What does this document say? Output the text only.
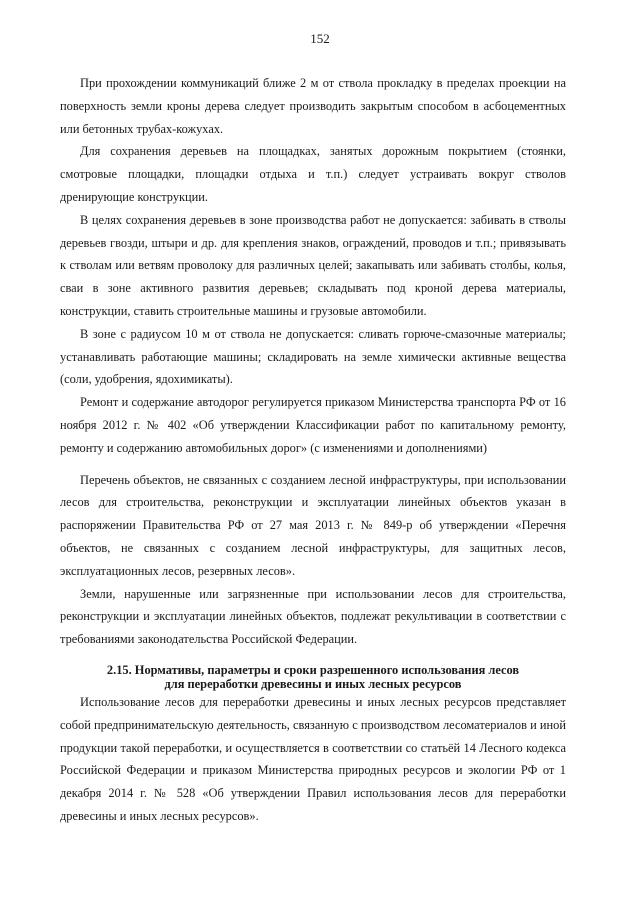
152

При прохождении коммуникаций ближе 2 м от ствола прокладку в пределах проекции на поверхность земли кроны дерева следует производить закрытым способом в асбоцементных или бетонных трубах-кожухах.

Для сохранения деревьев на площадках, занятых дорожным покрытием (стоянки, смотровые площадки, площадки отдыха и т.п.) следует устраивать вокруг стволов дренирующие конструкции.

В целях сохранения деревьев в зоне производства работ не допускается: забивать в стволы деревьев гвозди, штыри и др. для крепления знаков, ограждений, проводов и т.п.; привязывать к стволам или ветвям проволоку для различных целей; закапывать или забивать столбы, колья, сваи в зоне активного развития деревьев; складывать под кроной дерева материалы, конструкции, ставить строительные машины и грузовые автомобили.

В зоне с радиусом 10 м от ствола не допускается: сливать горюче-смазочные материалы; устанавливать работающие машины; складировать на земле химически активные вещества (соли, удобрения, ядохимикаты).

Ремонт и содержание автодорог регулируется приказом Министерства транспорта РФ от 16 ноября 2012 г. № 402 «Об утверждении Классификации работ по капитальному ремонту, ремонту и содержанию автомобильных дорог» (с изменениями и дополнениями)

Перечень объектов, не связанных с созданием лесной инфраструктуры, при использовании лесов для строительства, реконструкции и эксплуатации линейных объектов указан в распоряжении Правительства РФ от 27 мая 2013 г. № 849-р об утверждении «Перечня объектов, не связанных с созданием лесной инфраструктуры, для защитных лесов, эксплуатационных лесов, резервных лесов».

Земли, нарушенные или загрязненные при использовании лесов для строительства, реконструкции и эксплуатации линейных объектов, подлежат рекультивации в соответствии с требованиями законодательства Российской Федерации.

2.15. Нормативы, параметры и сроки разрешенного использования лесов
для переработки древесины и иных лесных ресурсов

Использование лесов для переработки древесины и иных лесных ресурсов представляет собой предпринимательскую деятельность, связанную с производством лесоматериалов и иной продукции такой переработки, и осуществляется в соответствии со статьёй 14 Лесного кодекса Российской Федерации и приказом Министерства природных ресурсов и экологии РФ от 1 декабря 2014 г. № 528 «Об утверждении Правил использования лесов для переработки древесины и иных лесных ресурсов».
